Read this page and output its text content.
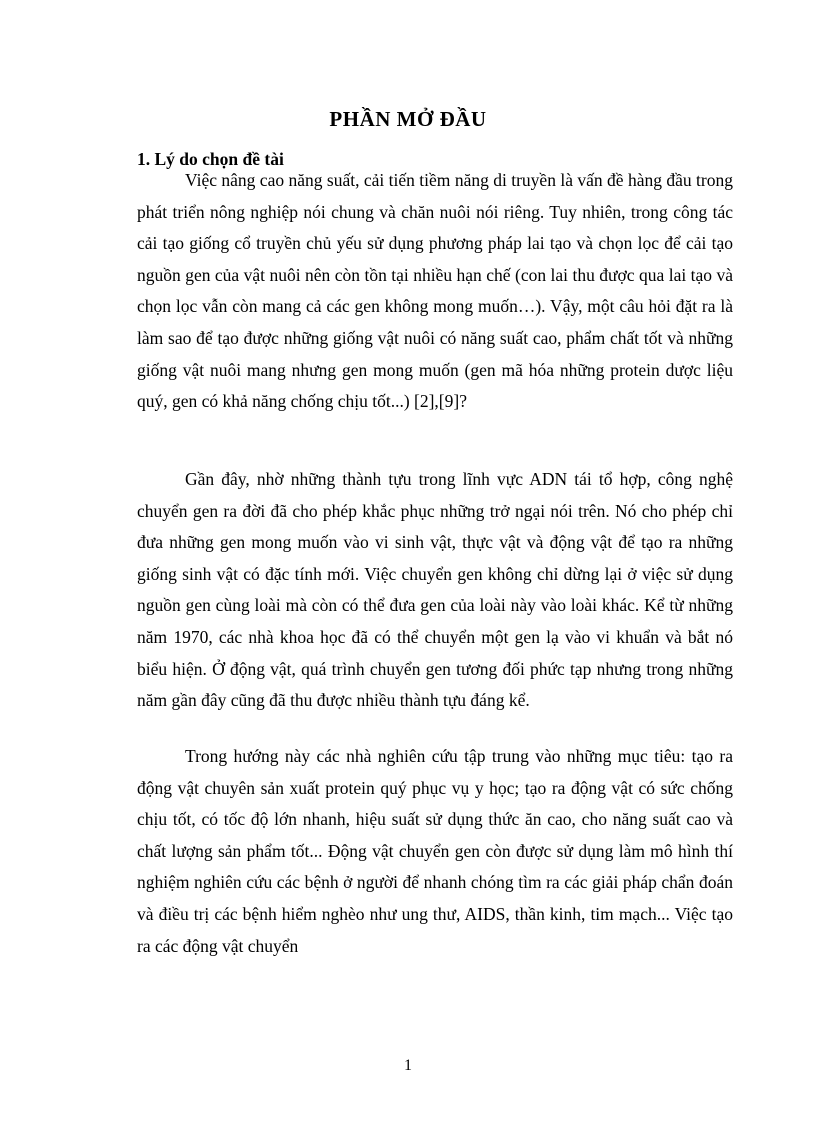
PHẦN MỞ ĐẦU
1. Lý do chọn đề tài

Việc nâng cao năng suất, cải tiến tiềm năng di truyền là vấn đề hàng đầu trong phát triển nông nghiệp nói chung và chăn nuôi nói riêng. Tuy nhiên, trong công tác cải tạo giống cổ truyền chủ yếu sử dụng phương pháp lai tạo và chọn lọc để cải tạo nguồn gen của vật nuôi nên còn tồn tại nhiều hạn chế (con lai thu được qua lai tạo và chọn lọc vẫn còn mang cả các gen không mong muốn…). Vậy, một câu hỏi đặt ra là làm sao để tạo được những giống vật nuôi có năng suất cao, phẩm chất tốt và những giống vật nuôi mang nhưng gen mong muốn (gen mã hóa những protein dược liệu quý, gen có khả năng chống chịu tốt...) [2],[9]?

Gần đây, nhờ những thành tựu trong lĩnh vực ADN tái tổ hợp, công nghệ chuyển gen ra đời đã cho phép khắc phục những trở ngại nói trên. Nó cho phép chỉ đưa những gen mong muốn vào vi sinh vật, thực vật và động vật để tạo ra những giống sinh vật có đặc tính mới. Việc chuyển gen không chỉ dừng lại ở việc sử dụng nguồn gen cùng loài mà còn có thể đưa gen của loài này vào loài khác. Kể từ những năm 1970, các nhà khoa học đã có thể chuyển một gen lạ vào vi khuẩn và bắt nó biểu hiện. Ở động vật, quá trình chuyển gen tương đối phức tạp nhưng trong những năm gần đây cũng đã thu được nhiều thành tựu đáng kể.

Trong hướng này các nhà nghiên cứu tập trung vào những mục tiêu: tạo ra động vật chuyên sản xuất protein quý phục vụ y học; tạo ra động vật có sức chống chịu tốt, có tốc độ lớn nhanh, hiệu suất sử dụng thức ăn cao, cho năng suất cao và chất lượng sản phẩm tốt... Động vật chuyển gen còn được sử dụng làm mô hình thí nghiệm nghiên cứu các bệnh ở người để nhanh chóng tìm ra các giải pháp chẩn đoán và điều trị các bệnh hiểm nghèo như ung thư, AIDS, thần kinh, tim mạch... Việc tạo ra các động vật chuyển

1
